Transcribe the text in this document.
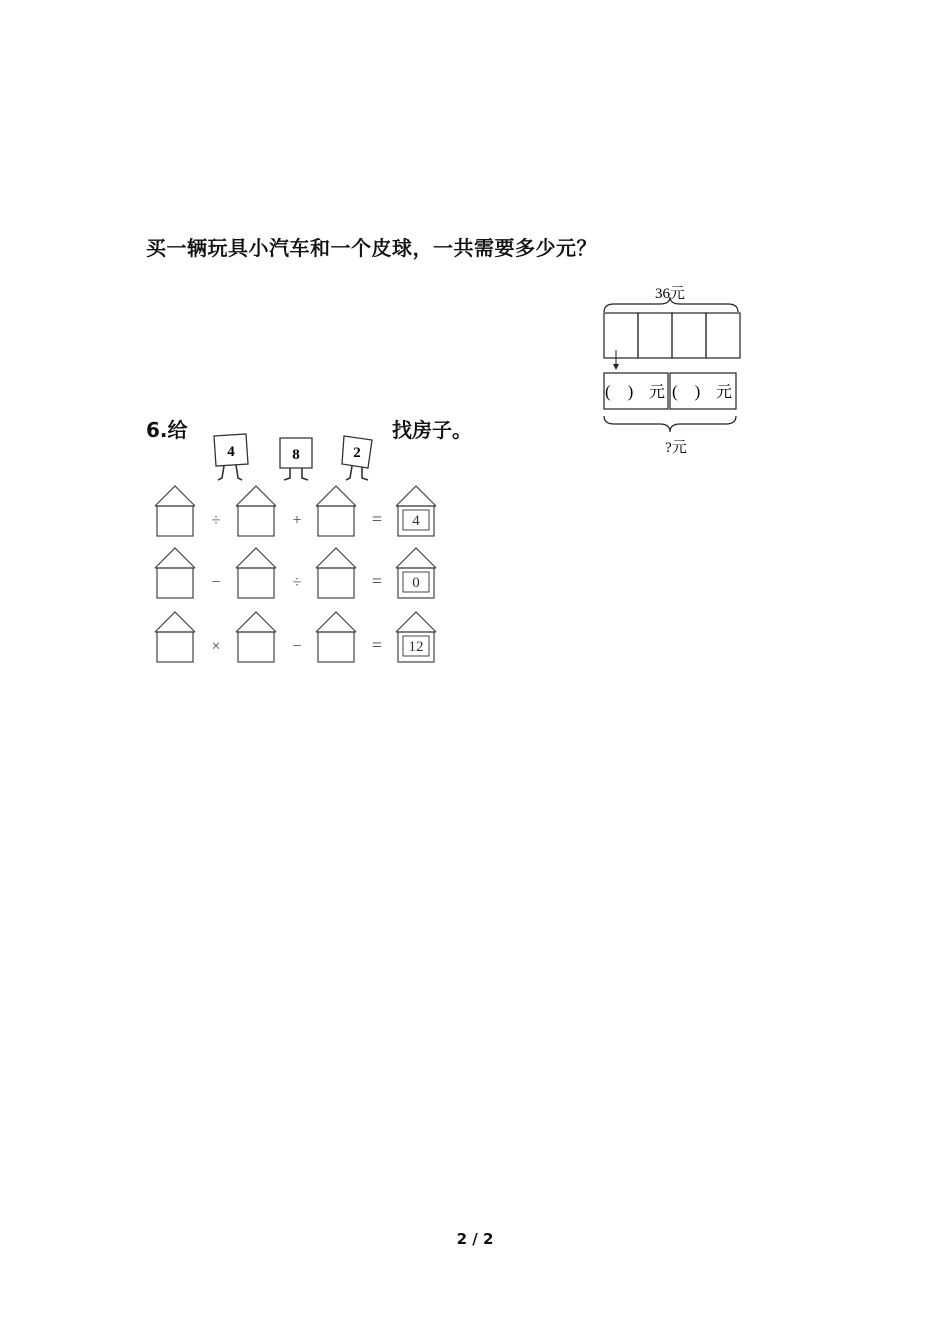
买一辆玩具小汽车和一个皮球，一共需要多少元？
36元
(    ) 元 (    ) 元
?元
6.给	找房子。
4	8	2
÷	+	= 4
−	÷	= 0
×	−	= 12
2 / 2
